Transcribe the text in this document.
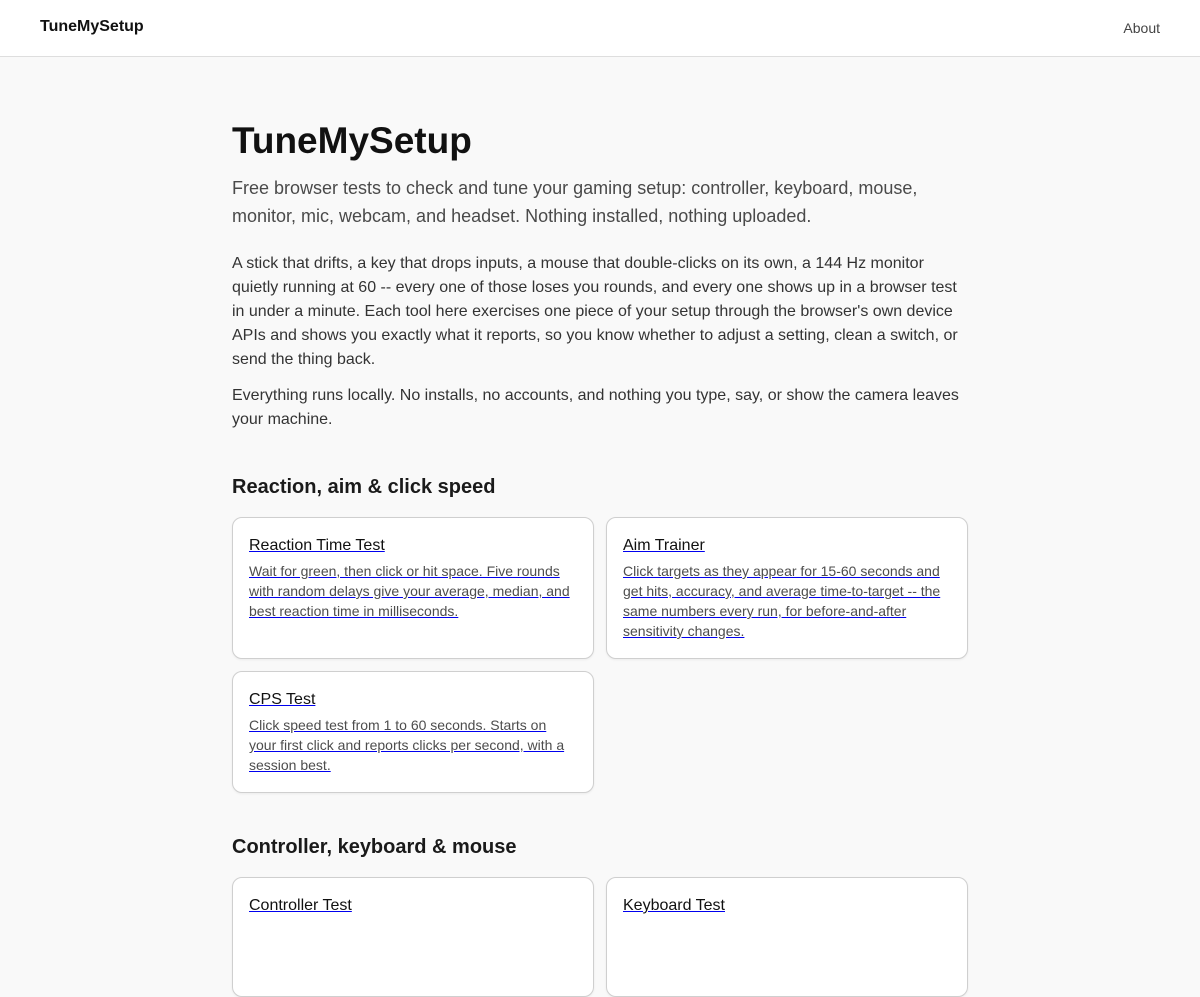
TuneMySetup	About
TuneMySetup

Free browser tests to check and tune your gaming setup: controller, keyboard, mouse, monitor, mic, webcam, and headset. Nothing installed, nothing uploaded.

A stick that drifts, a key that drops inputs, a mouse that double-clicks on its own, a 144 Hz monitor quietly running at 60 -- every one of those loses you rounds, and every one shows up in a browser test in under a minute. Each tool here exercises one piece of your setup through the browser's own device APIs and shows you exactly what it reports, so you know whether to adjust a setting, clean a switch, or send the thing back.

Everything runs locally. No installs, no accounts, and nothing you type, say, or show the camera leaves your machine.

Reaction, aim & click speed
Reaction Time Test
Wait for green, then click or hit space. Five rounds with random delays give your average, median, and best reaction time in milliseconds.
Aim Trainer
Click targets as they appear for 15-60 seconds and get hits, accuracy, and average time-to-target -- the same numbers every run, for before-and-after sensitivity changes.
CPS Test
Click speed test from 1 to 60 seconds. Starts on your first click and reports clicks per second, with a session best.
Controller, keyboard & mouse
Controller Test	Keyboard Test
